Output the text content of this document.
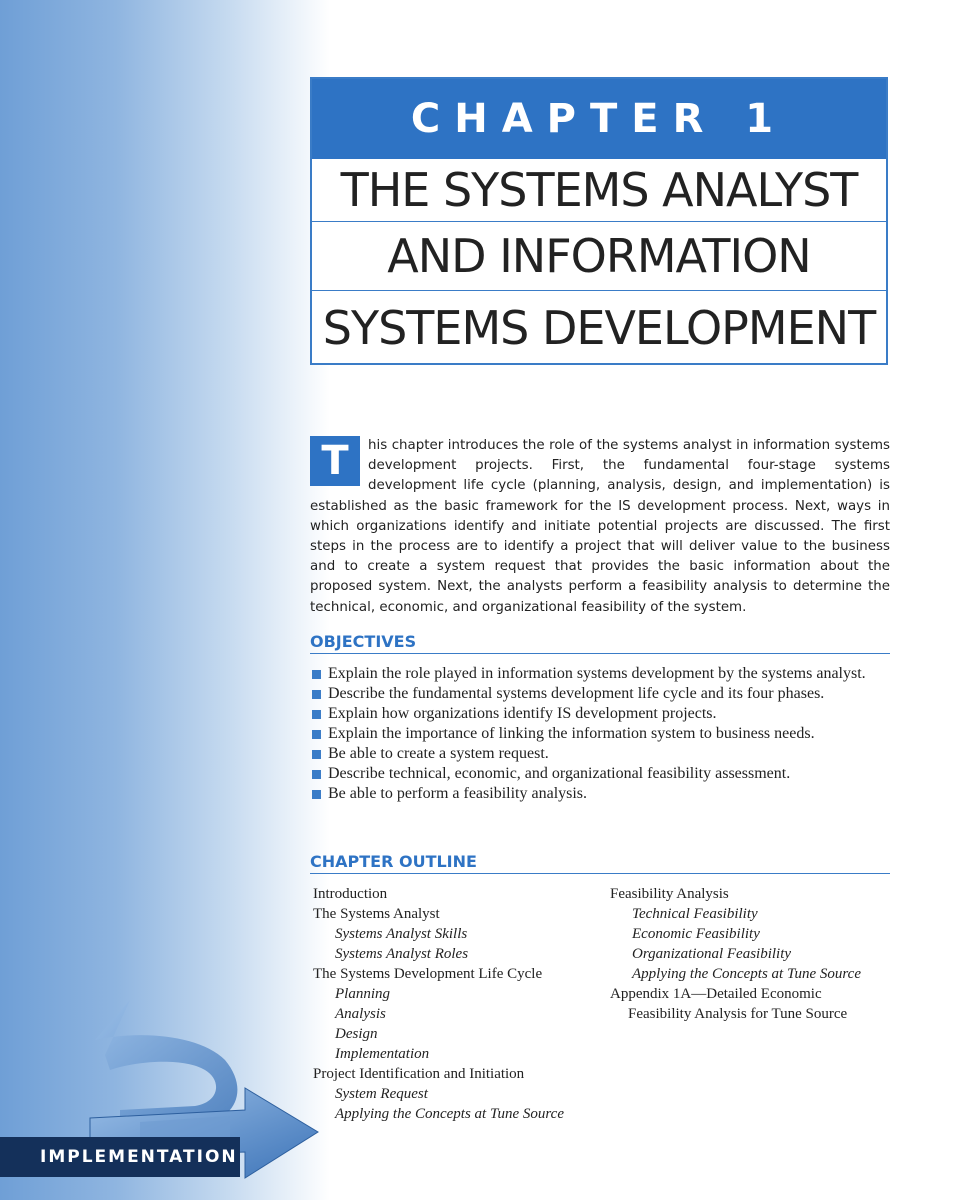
CHAPTER 1
THE SYSTEMS ANALYST
AND INFORMATION
SYSTEMS DEVELOPMENT
T	his chapter introduces the role of the systems analyst in information systems development projects. First, the fundamental four-stage systems development life cycle (planning, analysis, design, and implementation) is established as the basic framework for the IS development process. Next, ways in which organizations identify and initiate potential projects are discussed. The first steps in the process are to identify a project that will deliver value to the business and to create a system request that provides the basic information about the proposed system. Next, the analysts perform a feasibility analysis to determine the technical, economic, and organizational feasibility of the system.
OBJECTIVES
Explain the role played in information systems development by the systems analyst.
Describe the fundamental systems development life cycle and its four phases.
Explain how organizations identify IS development projects.
Explain the importance of linking the information system to business needs.
Be able to create a system request.
Describe technical, economic, and organizational feasibility assessment.
Be able to perform a feasibility analysis.
CHAPTER OUTLINE
Introduction
The Systems Analyst
Systems Analyst Skills
Systems Analyst Roles
The Systems Development Life Cycle
Planning
Analysis
Design
Implementation
Project Identification and Initiation
System Request
Applying the Concepts at Tune Source
Feasibility Analysis
Technical Feasibility
Economic Feasibility
Organizational Feasibility
Applying the Concepts at Tune Source
Appendix 1A—Detailed Economic
Feasibility Analysis for Tune Source
IMPLEMENTATION
